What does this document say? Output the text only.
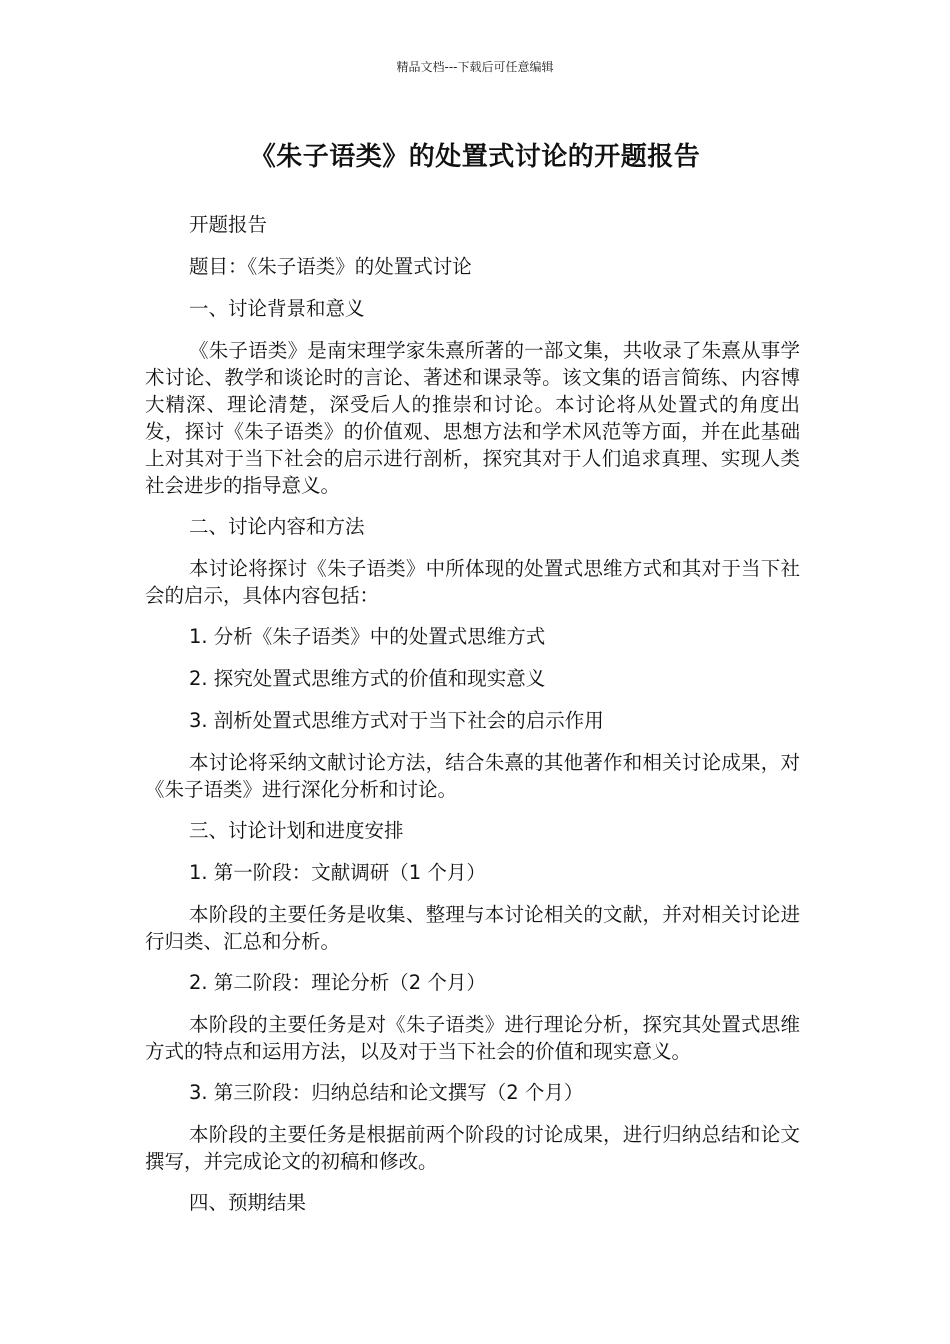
精品文档---下载后可任意编辑
《朱子语类》的处置式讨论的开题报告

开题报告

题目：《朱子语类》的处置式讨论

一、讨论背景和意义

《朱子语类》是南宋理学家朱熹所著的一部文集，共收录了朱熹从事学术讨论、教学和谈论时的言论、著述和课录等。该文集的语言简练、内容博大精深、理论清楚，深受后人的推崇和讨论。本讨论将从处置式的角度出发，探讨《朱子语类》的价值观、思想方法和学术风范等方面，并在此基础上对其对于当下社会的启示进行剖析，探究其对于人们追求真理、实现人类社会进步的指导意义。

二、讨论内容和方法

本讨论将探讨《朱子语类》中所体现的处置式思维方式和其对于当下社会的启示，具体内容包括：

1. 分析《朱子语类》中的处置式思维方式

2. 探究处置式思维方式的价值和现实意义

3. 剖析处置式思维方式对于当下社会的启示作用

本讨论将采纳文献讨论方法，结合朱熹的其他著作和相关讨论成果，对《朱子语类》进行深化分析和讨论。

三、讨论计划和进度安排

1. 第一阶段：文献调研（1 个月）

本阶段的主要任务是收集、整理与本讨论相关的文献，并对相关讨论进行归类、汇总和分析。

2. 第二阶段：理论分析（2 个月）

本阶段的主要任务是对《朱子语类》进行理论分析，探究其处置式思维方式的特点和运用方法，以及对于当下社会的价值和现实意义。

3. 第三阶段：归纳总结和论文撰写（2 个月）

本阶段的主要任务是根据前两个阶段的讨论成果，进行归纳总结和论文撰写，并完成论文的初稿和修改。

四、预期结果
